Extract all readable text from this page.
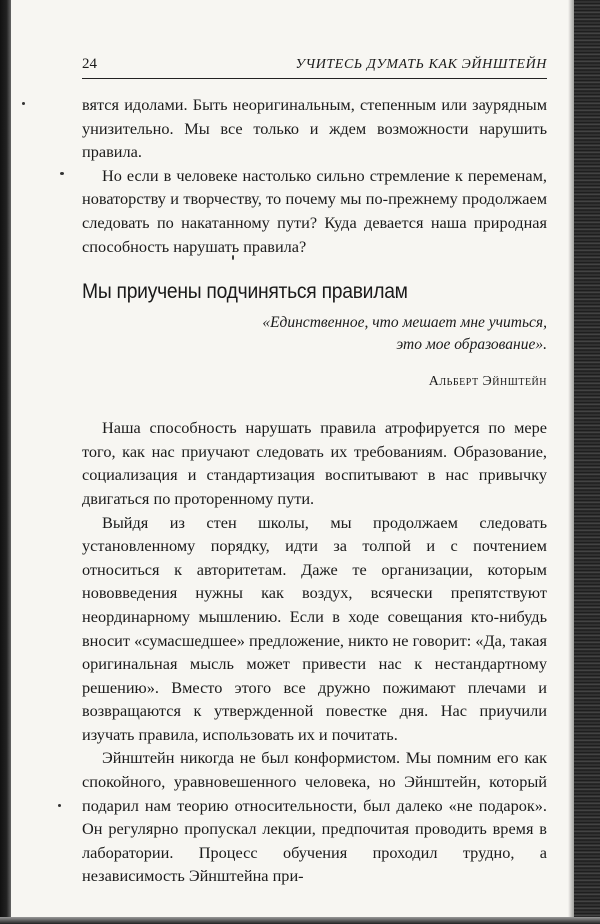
24	УЧИТЕСЬ ДУМАТЬ КАК ЭЙНШТЕЙН

вятся идолами. Быть неоригинальным, степенным или заурядным унизительно. Мы все только и ждем возможности нарушить правила.

Но если в человеке настолько сильно стремление к переменам, новаторству и творчеству, то почему мы по-прежнему продолжаем следовать по накатанному пути? Куда девается наша природная способность нарушать правила?

Мы приучены подчиняться правилам
«Единственное, что мешает мне учиться,
это мое образование».
Альберт Эйнштейн

Наша способность нарушать правила атрофируется по мере того, как нас приучают следовать их требованиям. Образование, социализация и стандартизация воспитывают в нас привычку двигаться по проторенному пути.

Выйдя из стен школы, мы продолжаем следовать установленному порядку, идти за толпой и с почтением относиться к авторитетам. Даже те организации, которым нововведения нужны как воздух, всячески препятствуют неординарному мышлению. Если в ходе совещания кто-нибудь вносит «сумасшедшее» предложение, никто не говорит: «Да, такая оригинальная мысль может привести нас к нестандартному решению». Вместо этого все дружно пожимают плечами и возвращаются к утвержденной повестке дня. Нас приучили изучать правила, использовать их и почитать.

Эйнштейн никогда не был конформистом. Мы помним его как спокойного, уравновешенного человека, но Эйнштейн, который подарил нам теорию относительности, был далеко «не подарок». Он регулярно пропускал лекции, предпочитая проводить время в лаборатории. Процесс обучения проходил трудно, а независимость Эйнштейна при-
